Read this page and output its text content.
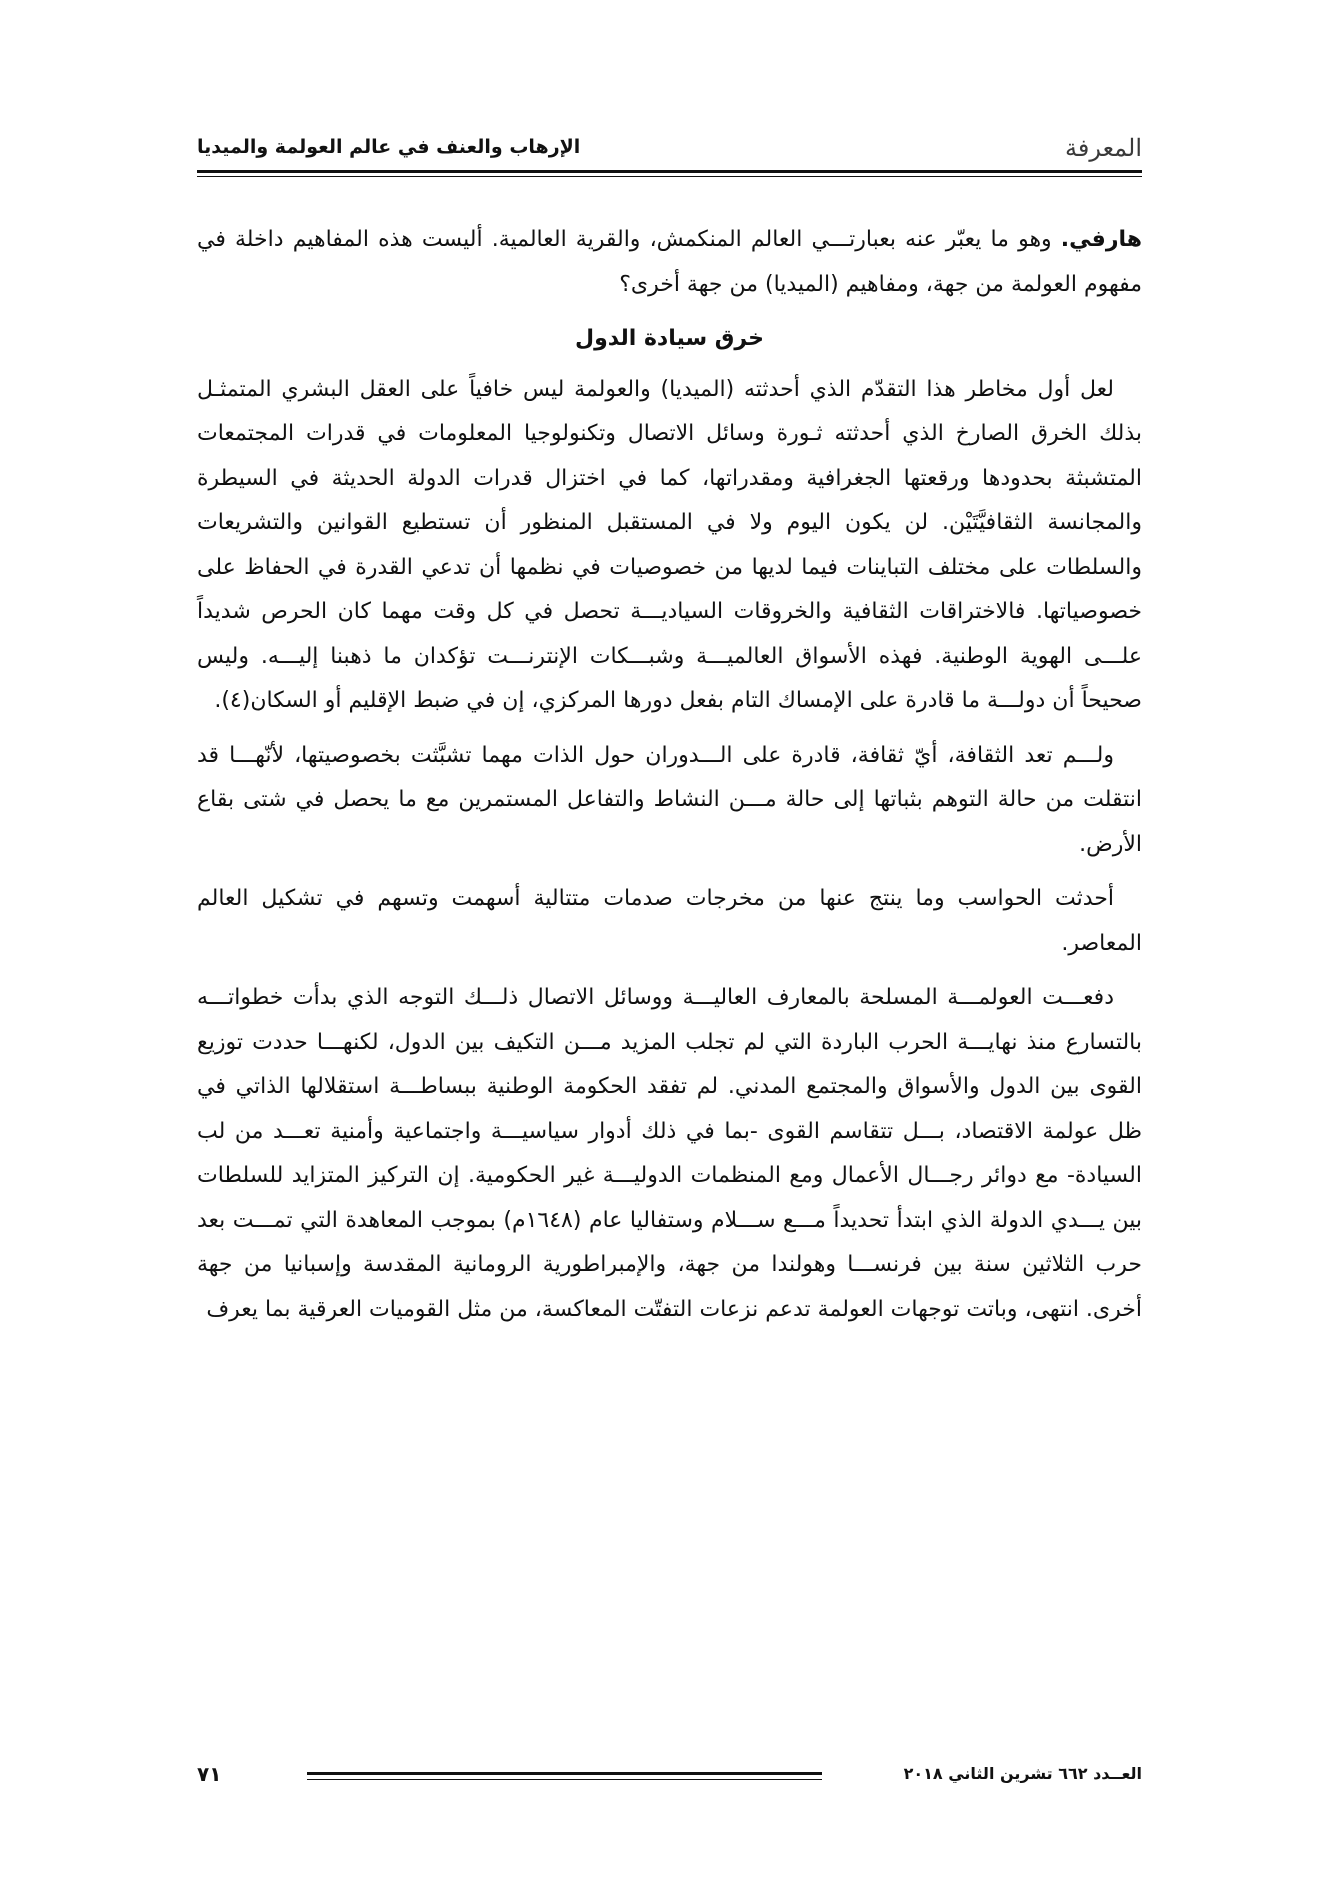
المعرفة
الإرهاب والعنف في عالم العولمة والميديا

هارفي. وهو ما يعبّر عنه بعبارتـــي العالم المنكمش، والقرية العالمية. أليست هذه المفاهيم داخلة في مفهوم العولمة من جهة، ومفاهيم (الميديا) من جهة أخرى؟

خرق سيادة الدول

لعل أول مخاطر هذا التقدّم الذي أحدثته (الميديا) والعولمة ليس خافياً على العقل البشري المتمثـل بذلك الخرق الصارخ الذي أحدثته ثـورة وسائل الاتصال وتكنولوجيا المعلومات في قدرات المجتمعات المتشبثة بحدودها ورقعتها الجغرافية ومقدراتها، كما في اختزال قدرات الدولة الحديثة في السيطرة والمجانسة الثقافيَّتَيْن. لن يكون اليوم ولا في المستقبل المنظور أن تستطيع القوانين والتشريعات والسلطات على مختلف التباينات فيما لديها من خصوصيات في نظمها أن تدعي القدرة في الحفاظ على خصوصياتها. فالاختراقات الثقافية والخروقات السياديـــة تحصل في كل وقت مهما كان الحرص شديداً علـــى الهوية الوطنية. فهذه الأسواق العالميـــة وشبـــكات الإنترنـــت تؤكدان ما ذهبنا إليـــه. وليس صحيحاً أن دولـــة ما قادرة على الإمساك التام بفعل دورها المركزي، إن في ضبط الإقليم أو السكان(٤).

ولـــم تعد الثقافة، أيّ ثقافة، قادرة على الـــدوران حول الذات مهما تشبَّثت بخصوصيتها، لأنّهـــا قد انتقلت من حالة التوهم بثباتها إلى حالة مـــن النشاط والتفاعل المستمرين مع ما يحصل في شتى بقاع الأرض.

أحدثت الحواسب وما ينتج عنها من مخرجات صدمات متتالية أسهمت وتسهم في تشكيل العالم المعاصر.

دفعـــت العولمـــة المسلحة بالمعارف العاليـــة ووسائل الاتصال ذلـــك التوجه الذي بدأت خطواتـــه بالتسارع منذ نهايـــة الحرب الباردة التي لم تجلب المزيد مـــن التكيف بين الدول، لكنهـــا حددت توزيع القوى بين الدول والأسواق والمجتمع المدني. لم تفقد الحكومة الوطنية ببساطـــة استقلالها الذاتي في ظل عولمة الاقتصاد، بـــل تتقاسم القوى -بما في ذلك أدوار سياسيـــة واجتماعية وأمنية تعـــد من لب السيادة- مع دوائر رجـــال الأعمال ومع المنظمات الدوليـــة غير الحكومية. إن التركيز المتزايد للسلطات بين يـــدي الدولة الذي ابتدأ تحديداً مـــع ســـلام وستفاليا عام (١٦٤٨م) بموجب المعاهدة التي تمـــت بعد حرب الثلاثين سنة بين فرنســـا وهولندا من جهة، والإمبراطورية الرومانية المقدسة وإسبانيا من جهة أخرى. انتهى، وباتت توجهات العولمة تدعم نزعات التفتّت المعاكسة، من مثل القوميات العرقية بما يعرف

العــدد ٦٦٢ تشرين الثاني ٢٠١٨
٧١
